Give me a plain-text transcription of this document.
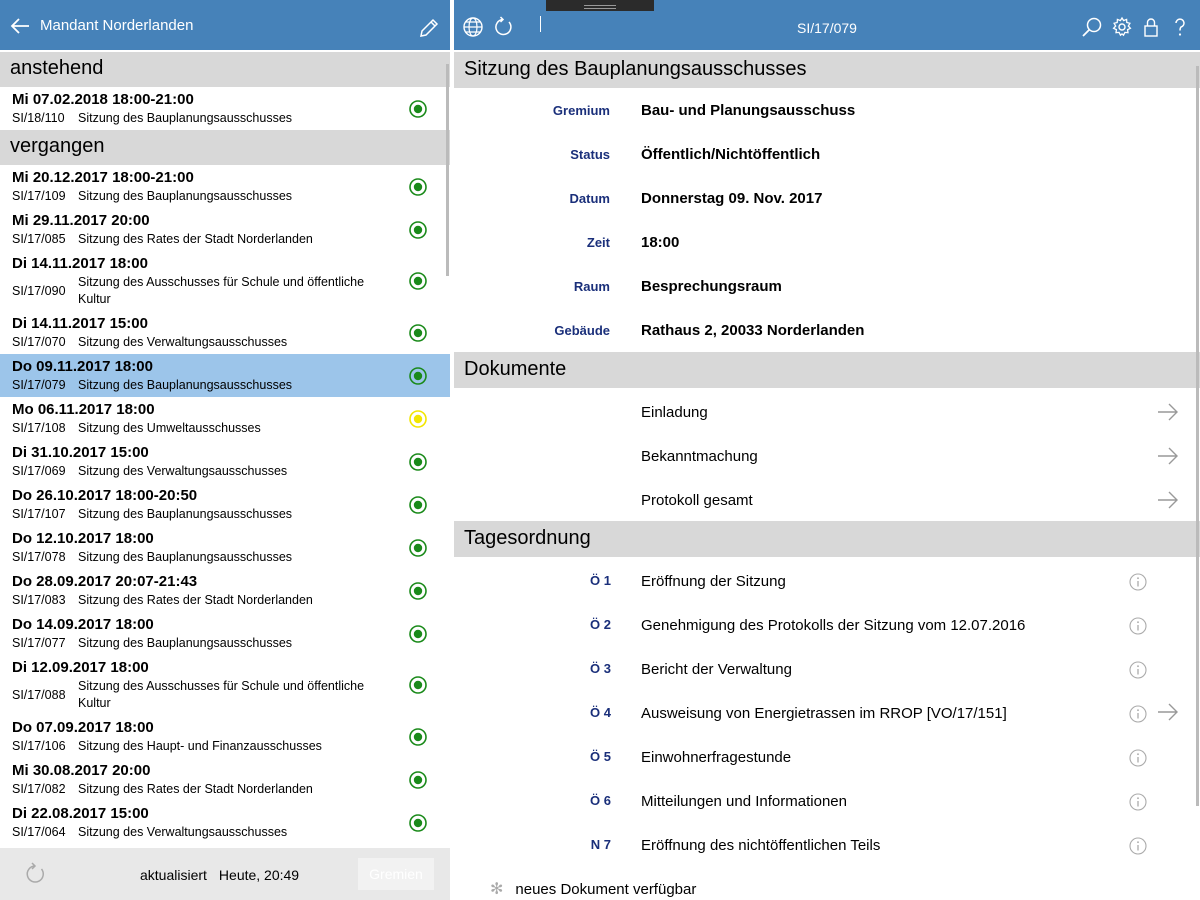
Mandant Norderlanden
anstehend
Mi 07.02.2018 18:00-21:00
SI/18/110	Sitzung des Bauplanungsausschusses
vergangen
Mi 20.12.2017 18:00-21:00
SI/17/109 Sitzung des Bauplanungsausschusses
Mi 29.11.2017 20:00
SI/17/085 Sitzung des Rates der Stadt Norderlanden
Di 14.11.2017 18:00
SI/17/090
Sitzung des Ausschusses für Schule und öffentliche Kultur
Di 14.11.2017 15:00
SI/17/070 Sitzung des Verwaltungsausschusses
Do 09.11.2017 18:00
SI/17/079 Sitzung des Bauplanungsausschusses
Mo 06.11.2017 18:00
SI/17/108 Sitzung des Umweltausschusses
Di 31.10.2017 15:00
SI/17/069 Sitzung des Verwaltungsausschusses
Do 26.10.2017 18:00-20:50
SI/17/107 Sitzung des Bauplanungsausschusses
Do 12.10.2017 18:00
SI/17/078 Sitzung des Bauplanungsausschusses
Do 28.09.2017 20:07-21:43
SI/17/083 Sitzung des Rates der Stadt Norderlanden
Do 14.09.2017 18:00
SI/17/077 Sitzung des Bauplanungsausschusses
Di 12.09.2017 18:00
SI/17/088
Sitzung des Ausschusses für Schule und öffentliche Kultur
Do 07.09.2017 18:00
SI/17/106 Sitzung des Haupt- und Finanzausschusses
Mi 30.08.2017 20:00
SI/17/082 Sitzung des Rates der Stadt Norderlanden
Di 22.08.2017 15:00
SI/17/064 Sitzung des Verwaltungsausschusses
aktualisiert Heute, 20:49	Gremien
SI/17/079
Sitzung des Bauplanungsausschusses
Gremium Bau- und Planungsausschuss
Status Öffentlich/Nichtöffentlich
Datum Donnerstag 09. Nov. 2017
Zeit 18:00
Raum Besprechungsraum
Gebäude Rathaus 2, 20033 Norderlanden
Dokumente
Einladung
Bekanntmachung
Protokoll gesamt
Tagesordnung
Ö 1 Eröffnung der Sitzung
Ö 2 Genehmigung des Protokolls der Sitzung vom 12.07.2016
Ö 3 Bericht der Verwaltung
Ö 4 Ausweisung von Energietrassen im RROP [VO/17/151]
Ö 5 Einwohnerfragestunde
Ö 6 Mitteilungen und Informationen
N 7 Eröffnung des nichtöffentlichen Teils
✻ neues Dokument verfügbar
